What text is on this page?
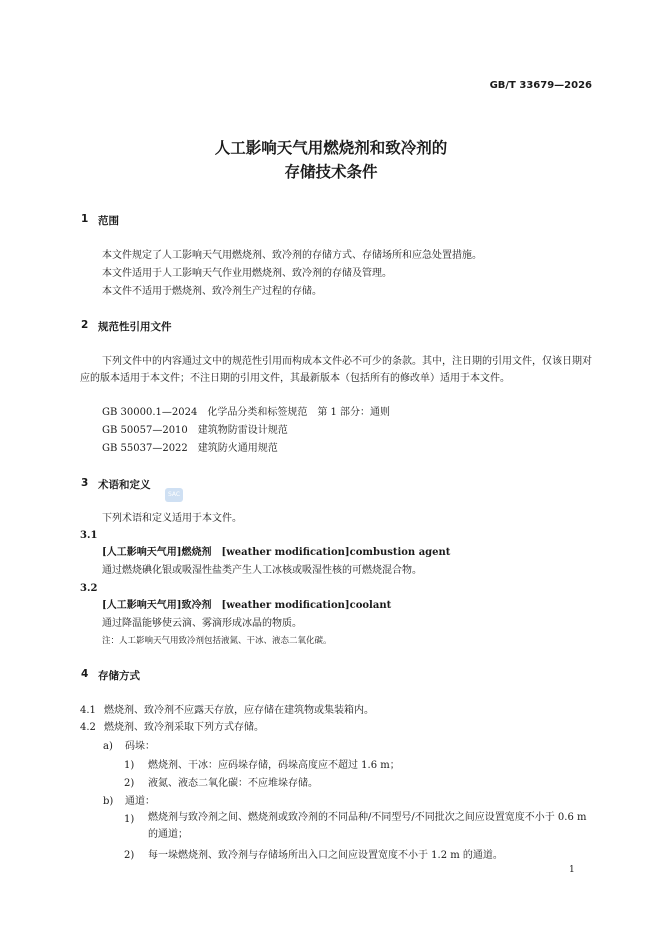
GB/T 33679—2026
人工影响天气用燃烧剂和致冷剂的
存储技术条件
1 范围
本文件规定了人工影响天气用燃烧剂、致冷剂的存储方式、存储场所和应急处置措施。
本文件适用于人工影响天气作业用燃烧剂、致冷剂的存储及管理。
本文件不适用于燃烧剂、致冷剂生产过程的存储。
2 规范性引用文件
下列文件中的内容通过文中的规范性引用而构成本文件必不可少的条款。其中，注日期的引用文件，仅该日期对应的版本适用于本文件；不注日期的引用文件，其最新版本（包括所有的修改单）适用于本文件。
GB 30000.1—2024　化学品分类和标签规范　第 1 部分：通则
GB 50057—2010　建筑物防雷设计规范
GB 55037—2022　建筑防火通用规范
3 术语和定义
SAC
下列术语和定义适用于本文件。
3.1
[人工影响天气用]燃烧剂　[weather modification]combustion agent
通过燃烧碘化银或吸湿性盐类产生人工冰核或吸湿性核的可燃烧混合物。
3.2
[人工影响天气用]致冷剂　[weather modification]coolant
通过降温能够使云滴、雾滴形成冰晶的物质。
注：人工影响天气用致冷剂包括液氮、干冰、液态二氧化碳。
4 存储方式
4.1 燃烧剂、致冷剂不应露天存放，应存储在建筑物或集装箱内。
4.2 燃烧剂、致冷剂采取下列方式存储。
a) 码垛：
1) 燃烧剂、干冰：应码垛存储，码垛高度应不超过 1.6 m；
2) 液氮、液态二氧化碳：不应堆垛存储。
b) 通道：
1) 燃烧剂与致冷剂之间、燃烧剂或致冷剂的不同品种/不同型号/不同批次之间应设置宽度不小于 0.6 m 的通道；
2) 每一垛燃烧剂、致冷剂与存储场所出入口之间应设置宽度不小于 1.2 m 的通道。
1
